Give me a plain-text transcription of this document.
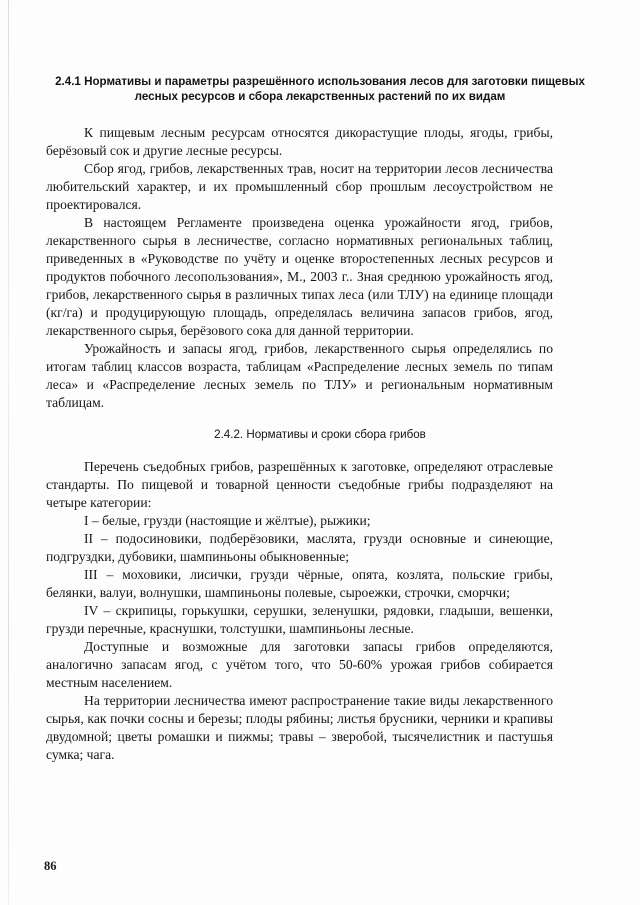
2.4.1 Нормативы и параметры разрешённого использования лесов для заготовки пищевых лесных ресурсов и сбора лекарственных растений по их видам

К пищевым лесным ресурсам относятся дикорастущие плоды, ягоды, грибы, берёзовый сок и другие лесные ресурсы.

Сбор ягод, грибов, лекарственных трав, носит на территории лесов лесничества любительский характер, и их промышленный сбор прошлым лесоустройством не проектировался.

В настоящем Регламенте произведена оценка урожайности ягод, грибов, лекарственного сырья в лесничестве, согласно нормативных региональных таблиц, приведенных в «Руководстве по учёту и оценке второстепенных лесных ресурсов и продуктов побочного лесопользования», М., 2003 г.. Зная среднюю урожайность ягод, грибов, лекарственного сырья в различных типах леса (или ТЛУ) на единице площади (кг/га) и продуцирующую площадь, определялась величина запасов грибов, ягод, лекарственного сырья, берёзового сока для данной территории.

Урожайность и запасы ягод, грибов, лекарственного сырья определялись по итогам таблиц классов возраста, таблицам «Распределение лесных земель по типам леса» и «Распределение лесных земель по ТЛУ» и региональным нормативным таблицам.

2.4.2. Нормативы и сроки сбора грибов

Перечень съедобных грибов, разрешённых к заготовке, определяют отраслевые стандарты. По пищевой и товарной ценности съедобные грибы подразделяют на четыре категории:

I – белые, грузди (настоящие и жёлтые), рыжики;

II – подосиновики, подберёзовики, маслята, грузди основные и синеющие, подгруздки, дубовики, шампиньоны обыкновенные;

III – моховики, лисички, грузди чёрные, опята, козлята, польские грибы, белянки, валуи, волнушки, шампиньоны полевые, сыроежки, строчки, сморчки;

IV – скрипицы, горькушки, серушки, зеленушки, рядовки, гладыши, вешенки, грузди перечные, краснушки, толстушки, шампиньоны лесные.

Доступные и возможные для заготовки запасы грибов определяются, аналогично запасам ягод, с учётом того, что 50-60% урожая грибов собирается местным населением.

На территории лесничества имеют распространение такие виды лекарственного сырья, как почки сосны и березы; плоды рябины; листья брусники, черники и крапивы двудомной; цветы ромашки и пижмы; травы – зверобой, тысячелистник и пастушья сумка; чага.

86
